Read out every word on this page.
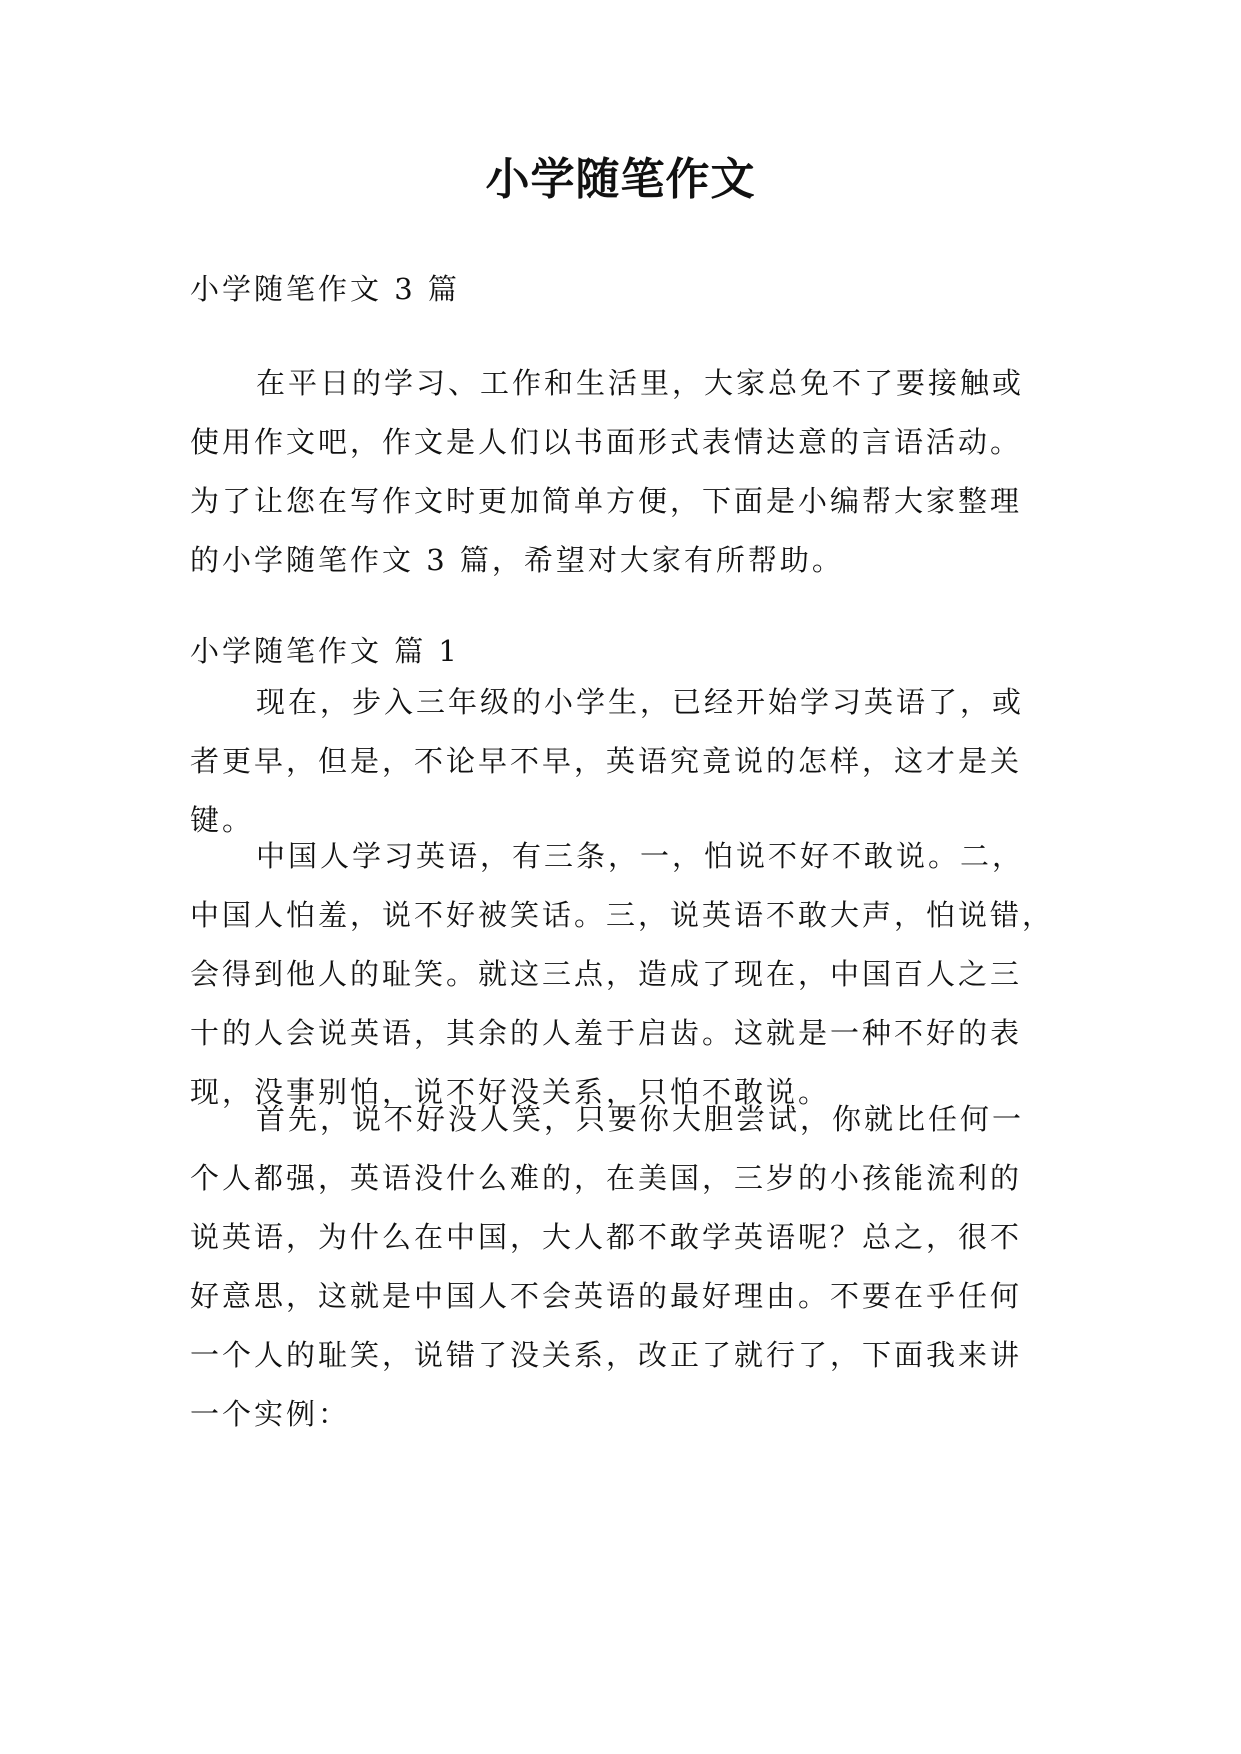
小学随笔作文

小学随笔作文 3 篇

在平日的学习、工作和生活里，大家总免不了要接触或
使用作文吧，作文是人们以书面形式表情达意的言语活动。
为了让您在写作文时更加简单方便，下面是小编帮大家整理
的小学随笔作文 3 篇，希望对大家有所帮助。

小学随笔作文 篇 1

现在，步入三年级的小学生，已经开始学习英语了，或
者更早，但是，不论早不早，英语究竟说的怎样，这才是关
键。
中国人学习英语，有三条，一，怕说不好不敢说。二，
中国人怕羞，说不好被笑话。三，说英语不敢大声，怕说错，
会得到他人的耻笑。就这三点，造成了现在，中国百人之三
十的人会说英语，其余的人羞于启齿。这就是一种不好的表
现，没事别怕，说不好没关系，只怕不敢说。
首先，说不好没人笑，只要你大胆尝试，你就比任何一
个人都强，英语没什么难的，在美国，三岁的小孩能流利的
说英语，为什么在中国，大人都不敢学英语呢？总之，很不
好意思，这就是中国人不会英语的最好理由。不要在乎任何
一个人的耻笑，说错了没关系，改正了就行了，下面我来讲
一个实例：
